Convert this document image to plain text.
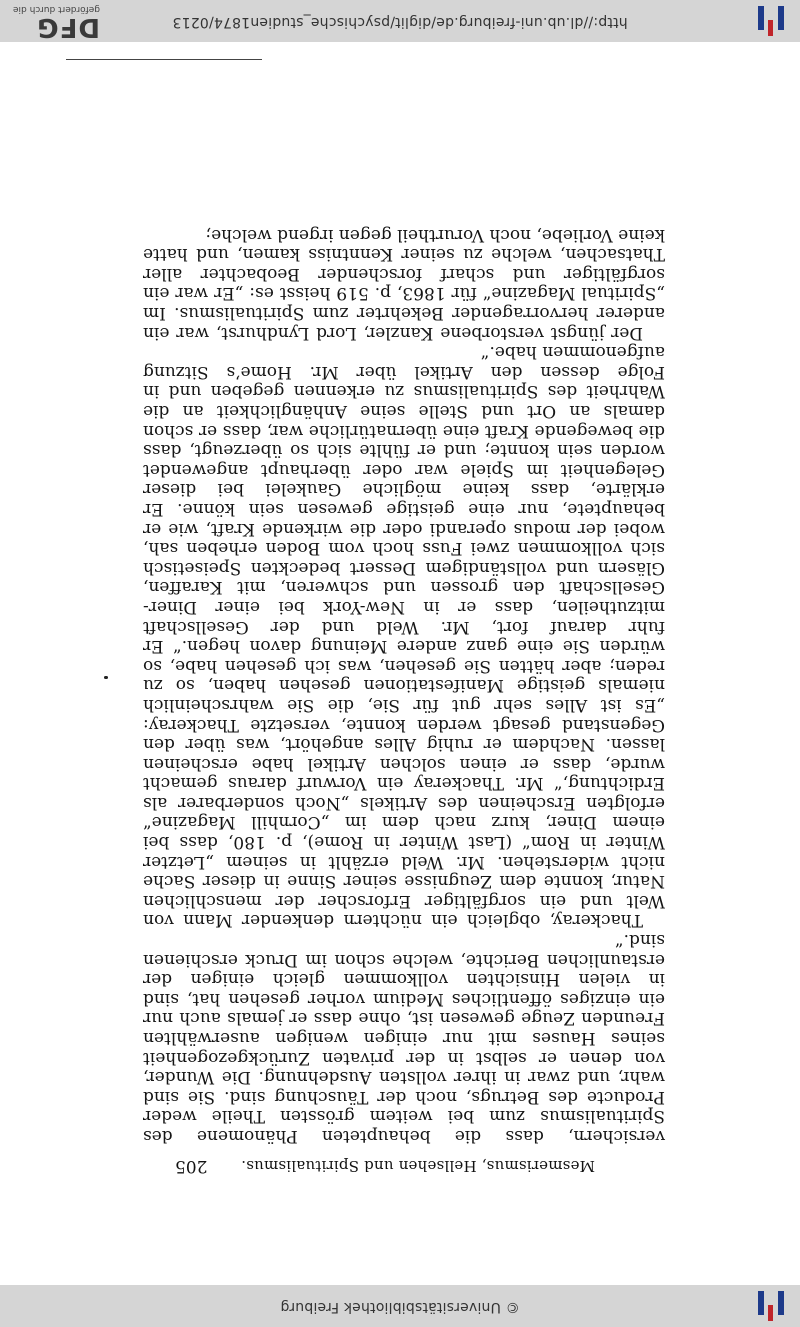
© Universitätsbibliothek Freiburg
Mesmerismus, Hellsehen und Spiritualismus.
205

versichern, dass die behaupteten Phänomene des Spiritualismus zum bei weitem grössten Theile weder Producte des Betrugs, noch der Täuschung sind. Sie sind wahr, und zwar in ihrer vollsten Ausdehnung. Die Wunder, von denen er selbst in der privaten Zurückgezogenheit seines Hauses mit nur einigen wenigen auserwählten Freunden Zeuge gewesen ist, ohne dass er jemals auch nur ein einziges öffentliches Medium vorher gesehen hat, sind in vielen Hinsichten vollkommen gleich einigen der erstaunlichen Berichte, welche schon im Druck erschienen sind.“

Thackeray, obgleich ein nüchtern denkender Mann von Welt und ein sorgfältiger Erforscher der menschlichen Natur, konnte dem Zeugnisse seiner Sinne in dieser Sache nicht widerstehen. Mr. Weld erzählt in seinem „Letzter Winter in Rom“ (Last Winter in Rome), p. 180, dass bei einem Diner, kurz nach dem im „Cornhill Magazine“ erfolgten Erscheinen des Artikels „Noch sonderbarer als Erdichtung,“ Mr. Thackeray ein Vorwurf daraus gemacht wurde, dass er einen solchen Artikel habe erscheinen lassen. Nachdem er ruhig Alles angehört, was über den Gegenstand gesagt werden konnte, versetzte Thackeray: „Es ist Alles sehr gut für Sie, die Sie wahrscheinlich niemals geistige Manifestationen gesehen haben, so zu reden; aber hätten Sie gesehen, was ich gesehen habe, so würden Sie eine ganz andere Meinung davon hegen.“ Er fuhr darauf fort, Mr. Weld und der Gesellschaft mitzutheilen, dass er in New-York bei einer Diner-Gesellschaft den grossen und schweren, mit Karaffen, Gläsern und vollständigem Dessert bedeckten Speisetisch sich vollkommen zwei Fuss hoch vom Boden erheben sah, wobei der modus operandi oder die wirkende Kraft, wie er behauptete, nur eine geistige gewesen sein könne. Er erklärte, dass keine mögliche Gaukelei bei dieser Gelegenheit im Spiele war oder überhaupt angewendet worden sein konnte; und er fühlte sich so überzeugt, dass die bewegende Kraft eine übernatürliche war, dass er schon damals an Ort und Stelle seine Anhänglichkeit an die Wahrheit des Spiritualismus zu erkennen gegeben und in Folge dessen den Artikel über Mr. Home’s Sitzung aufgenommen habe.“

Der jüngst verstorbene Kanzler, Lord Lyndhurst, war ein anderer hervorragender Bekehrter zum Spiritualismus. Im „Spiritual Magazine“ für 1863, p. 519 heisst es: „Er war ein sorgfältiger und scharf forschender Beobachter aller Thatsachen, welche zu seiner Kenntniss kamen, und hatte keine Vorliebe, noch Vorurtheil gegen irgend welche;

http://dl.ub.uni-freiburg.de/diglit/psychische_studien1874/0213
DFG
gefördert durch die
